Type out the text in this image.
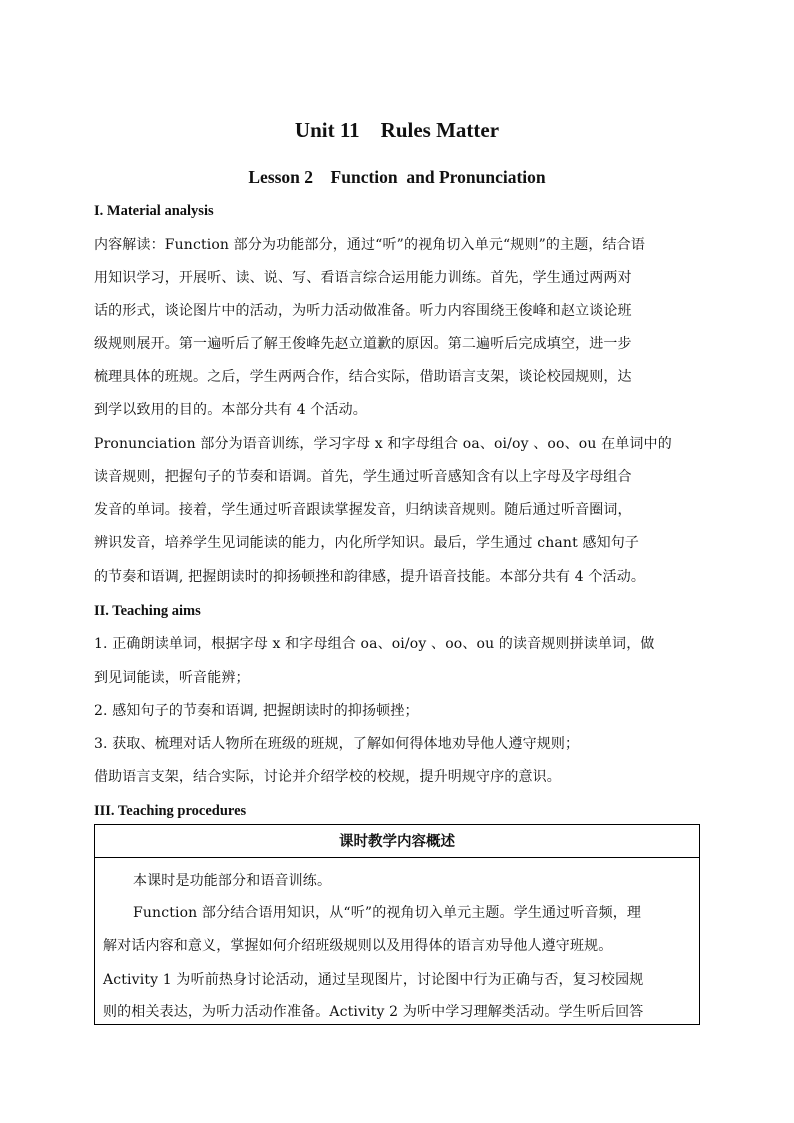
Unit 11    Rules Matter
Lesson 2    Function  and Pronunciation
I. Material analysis
内容解读：Function 部分为功能部分，通过“听”的视角切入单元“规则”的主题，结合语
用知识学习，开展听、读、说、写、看语言综合运用能力训练。首先，学生通过两两对
话的形式，谈论图片中的活动，为听力活动做准备。听力内容围绕王俊峰和赵立谈论班
级规则展开。第一遍听后了解王俊峰先赵立道歉的原因。第二遍听后完成填空，进一步
梳理具体的班规。之后，学生两两合作，结合实际，借助语言支架，谈论校园规则，达
到学以致用的目的。本部分共有 4 个活动。
Pronunciation 部分为语音训练，学习字母 x 和字母组合 oa、oi/oy 、oo、ou 在单词中的
读音规则，把握句子的节奏和语调。首先，学生通过听音感知含有以上字母及字母组合
发音的单词。接着，学生通过听音跟读掌握发音，归纳读音规则。随后通过听音圈词，
辨识发音，培养学生见词能读的能力，内化所学知识。最后，学生通过 chant 感知句子
的节奏和语调, 把握朗读时的抑扬顿挫和韵律感，提升语音技能。本部分共有 4 个活动。
II. Teaching aims
1. 正确朗读单词，根据字母 x 和字母组合 oa、oi/oy 、oo、ou 的读音规则拼读单词，做
到见词能读，听音能辨；
2. 感知句子的节奏和语调, 把握朗读时的抑扬顿挫；
3. 获取、梳理对话人物所在班级的班规，了解如何得体地劝导他人遵守规则；
借助语言支架，结合实际，讨论并介绍学校的校规，提升明规守序的意识。
III. Teaching procedures
课时教学内容概述
本课时是功能部分和语音训练。
Function 部分结合语用知识，从“听”的视角切入单元主题。学生通过听音频，理
解对话内容和意义，掌握如何介绍班级规则以及用得体的语言劝导他人遵守班规。
Activity 1 为听前热身讨论活动，通过呈现图片，讨论图中行为正确与否，复习校园规
则的相关表达，为听力活动作准备。Activity 2 为听中学习理解类活动。学生听后回答
